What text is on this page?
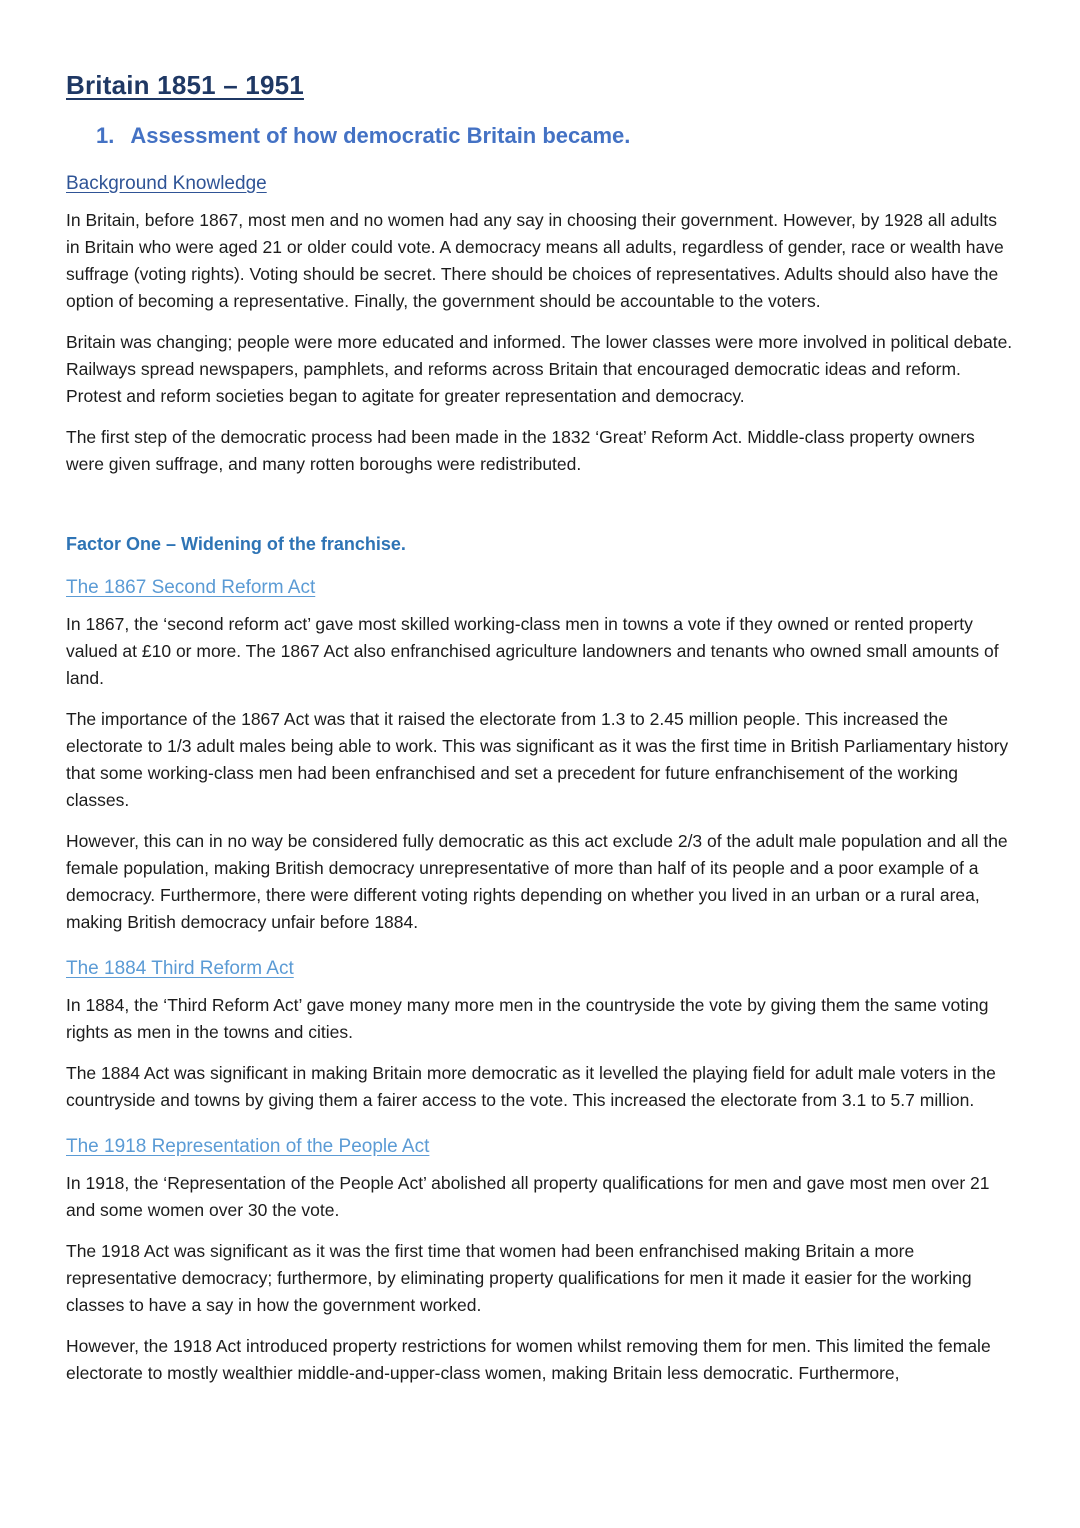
Britain 1851 – 1951
1. Assessment of how democratic Britain became.
Background Knowledge

In Britain, before 1867, most men and no women had any say in choosing their government. However, by 1928 all adults in Britain who were aged 21 or older could vote. A democracy means all adults, regardless of gender, race or wealth have suffrage (voting rights). Voting should be secret. There should be choices of representatives. Adults should also have the option of becoming a representative. Finally, the government should be accountable to the voters.

Britain was changing; people were more educated and informed. The lower classes were more involved in political debate. Railways spread newspapers, pamphlets, and reforms across Britain that encouraged democratic ideas and reform. Protest and reform societies began to agitate for greater representation and democracy.

The first step of the democratic process had been made in the 1832 ‘Great’ Reform Act. Middle-class property owners were given suffrage, and many rotten boroughs were redistributed.

Factor One – Widening of the franchise.
The 1867 Second Reform Act

In 1867, the ‘second reform act’ gave most skilled working-class men in towns a vote if they owned or rented property valued at £10 or more. The 1867 Act also enfranchised agriculture landowners and tenants who owned small amounts of land.

The importance of the 1867 Act was that it raised the electorate from 1.3 to 2.45 million people. This increased the electorate to 1/3 adult males being able to work. This was significant as it was the first time in British Parliamentary history that some working-class men had been enfranchised and set a precedent for future enfranchisement of the working classes.

However, this can in no way be considered fully democratic as this act exclude 2/3 of the adult male population and all the female population, making British democracy unrepresentative of more than half of its people and a poor example of a democracy. Furthermore, there were different voting rights depending on whether you lived in an urban or a rural area, making British democracy unfair before 1884.

The 1884 Third Reform Act

In 1884, the ‘Third Reform Act’ gave money many more men in the countryside the vote by giving them the same voting rights as men in the towns and cities.

The 1884 Act was significant in making Britain more democratic as it levelled the playing field for adult male voters in the countryside and towns by giving them a fairer access to the vote. This increased the electorate from 3.1 to 5.7 million.

The 1918 Representation of the People Act

In 1918, the ‘Representation of the People Act’ abolished all property qualifications for men and gave most men over 21 and some women over 30 the vote.

The 1918 Act was significant as it was the first time that women had been enfranchised making Britain a more representative democracy; furthermore, by eliminating property qualifications for men it made it easier for the working classes to have a say in how the government worked.

However, the 1918 Act introduced property restrictions for women whilst removing them for men. This limited the female electorate to mostly wealthier middle-and-upper-class women, making Britain less democratic. Furthermore,
